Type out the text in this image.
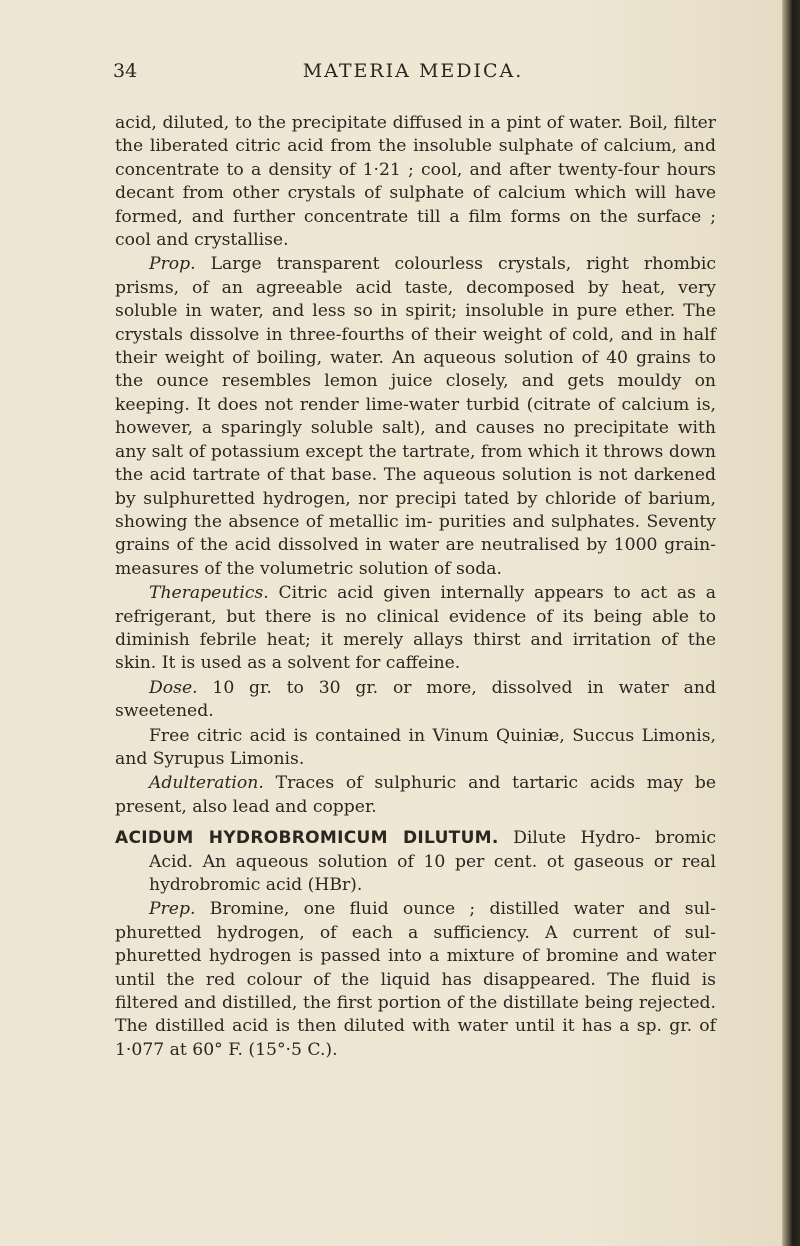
34	MATERIA MEDICA.

acid, diluted, to the precipitate diffused in a pint of water. Boil, filter the liberated citric acid from the insoluble sulphate of calcium, and concentrate to a density of 1·21 ; cool, and after twenty-four hours decant from other crystals of sulphate of calcium which will have formed, and further concentrate till a film forms on the surface ; cool and crystallise.

Prop. Large transparent colourless crystals, right rhombic prisms, of an agreeable acid taste, decomposed by heat, very soluble in water, and less so in spirit; insoluble in pure ether. The crystals dissolve in three-fourths of their weight of cold, and in half their weight of boiling, water. An aqueous solution of 40 grains to the ounce resembles lemon juice closely, and gets mouldy on keeping. It does not render lime-water turbid (citrate of calcium is, however, a sparingly soluble salt), and causes no precipitate with any salt of potassium except the tartrate, from which it throws down the acid tartrate of that base. The aqueous solution is not darkened by sulphuretted hydrogen, nor precipi tated by chloride of barium, showing the absence of metallic im- purities and sulphates. Seventy grains of the acid dissolved in water are neutralised by 1000 grain-measures of the volumetric solution of soda.

Therapeutics. Citric acid given internally appears to act as a refrigerant, but there is no clinical evidence of its being able to diminish febrile heat; it merely allays thirst and irritation of the skin. It is used as a solvent for caffeine.

Dose. 10 gr. to 30 gr. or more, dissolved in water and sweetened.

Free citric acid is contained in Vinum Quiniæ, Succus Limonis, and Syrupus Limonis.

Adulteration. Traces of sulphuric and tartaric acids may be present, also lead and copper.

ACIDUM HYDROBROMICUM DILUTUM. Dilute Hydro- bromic Acid. An aqueous solution of 10 per cent. ot gaseous or real hydrobromic acid (HBr).

Prep. Bromine, one fluid ounce ; distilled water and sul- phuretted hydrogen, of each a sufficiency. A current of sul- phuretted hydrogen is passed into a mixture of bromine and water until the red colour of the liquid has disappeared. The fluid is filtered and distilled, the first portion of the distillate being rejected. The distilled acid is then diluted with water until it has a sp. gr. of 1·077 at 60° F. (15°·5 C.).
